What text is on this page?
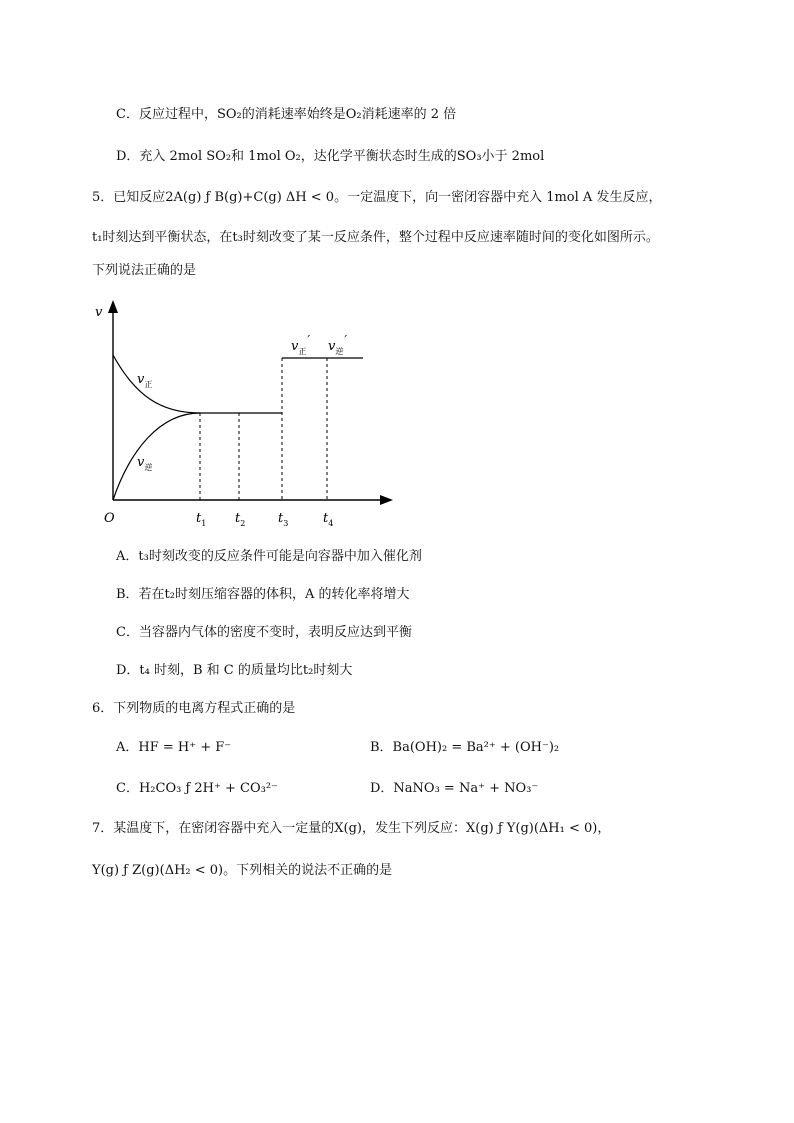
C．反应过程中，SO₂的消耗速率始终是O₂消耗速率的 2 倍
D．充入 2mol SO₂和 1mol O₂，达化学平衡状态时生成的SO₃小于 2mol
5．已知反应2A(g) ƒ B(g)+C(g) ΔH < 0。一定温度下，向一密闭容器中充入 1mol A 发生反应，
t₁时刻达到平衡状态，在t₃时刻改变了某一反应条件，整个过程中反应速率随时间的变化如图所示。
下列说法正确的是
v
O	$t_1$ $t_2$	$t_3$	$t_4$
$v_正$
$v_逆$
$v_正'$ $v_逆'$
A．t₃时刻改变的反应条件可能是向容器中加入催化剂
B．若在t₂时刻压缩容器的体积，A 的转化率将增大
C．当容器内气体的密度不变时，表明反应达到平衡
D．t₄ 时刻，B 和 C 的质量均比t₂时刻大
6．下列物质的电离方程式正确的是
A．HF = H⁺ + F⁻	B．Ba(OH)₂ = Ba²⁺ + (OH⁻)₂
C．H₂CO₃ ƒ 2H⁺ + CO₃²⁻	D．NaNO₃ = Na⁺ + NO₃⁻
7．某温度下，在密闭容器中充入一定量的X(g)，发生下列反应：X(g) ƒ Y(g)(ΔH₁ < 0)，
Y(g) ƒ Z(g)(ΔH₂ < 0)。下列相关的说法不正确的是
